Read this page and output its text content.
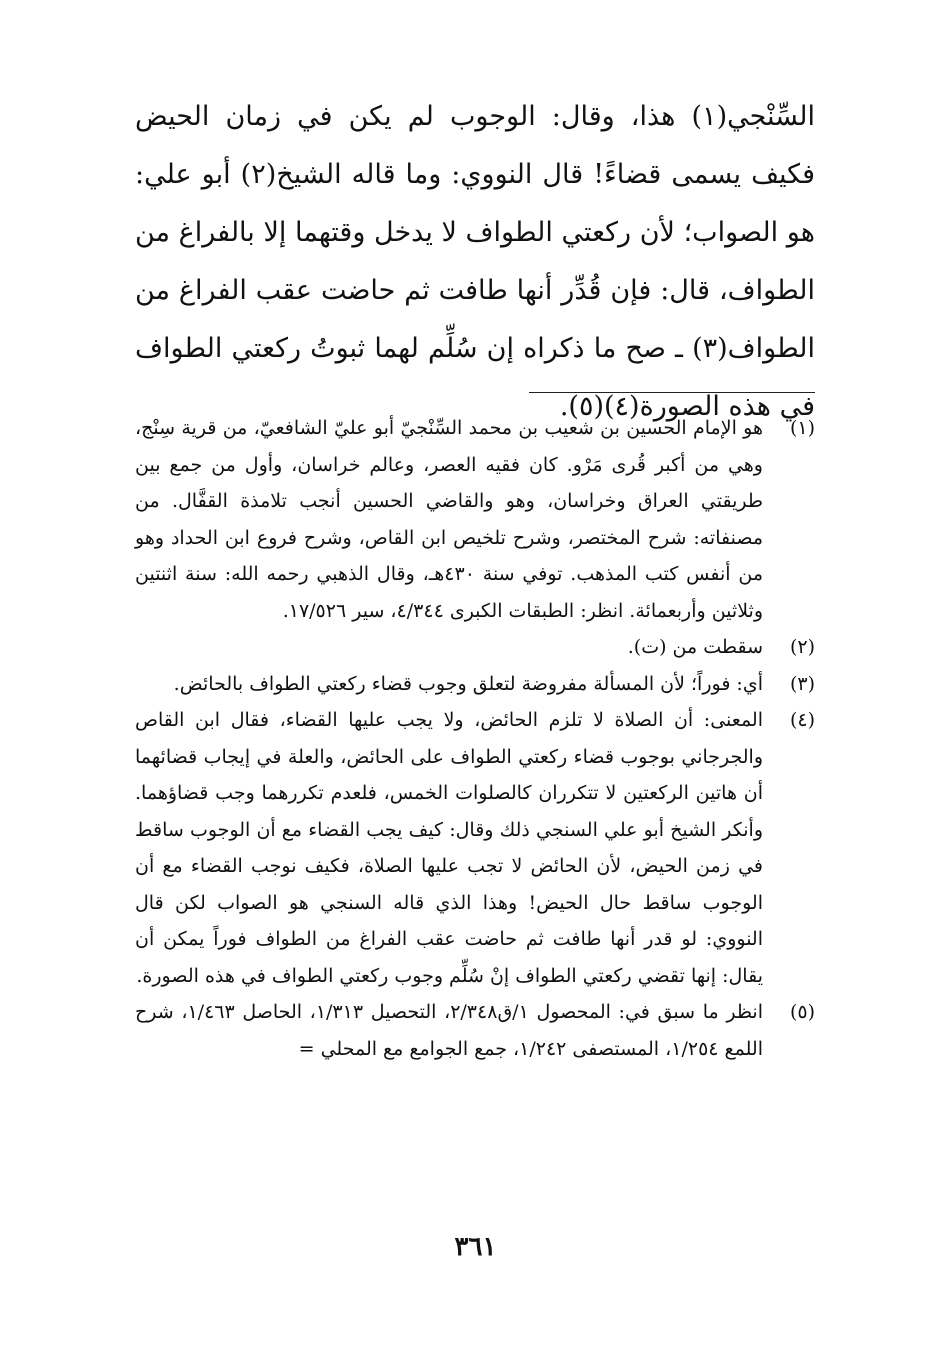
السِّنْجي(١) هذا، وقال: الوجوب لم يكن في زمان الحيض فكيف يسمى قضاءً! قال النووي: وما قاله الشيخ(٢) أبو علي: هو الصواب؛ لأن ركعتي الطواف لا يدخل وقتهما إلا بالفراغ من الطواف، قال: فإن قُدِّر أنها طافت ثم حاضت عقب الفراغ من الطواف(٣) ـ صح ما ذكراه إن سُلِّم لهما ثبوتُ ركعتي الطواف في هذه الصورة(٤)(٥).

(١)
هو الإمام الحسين بن شعيب بن محمد السِّنْجيّ أبو عليّ الشافعيّ، من قرية سِنْج، وهي من أكبر قُرى مَرْو. كان فقيه العصر، وعالم خراسان، وأول من جمع بين طريقتي العراق وخراسان، وهو والقاضي الحسين أنجب تلامذة القفَّال. من مصنفاته: شرح المختصر، وشرح تلخيص ابن القاص، وشرح فروع ابن الحداد وهو من أنفس كتب المذهب. توفي سنة ٤٣٠هـ، وقال الذهبي رحمه الله: سنة اثنتين وثلاثين وأربعمائة. انظر: الطبقات الكبرى ٤/٣٤٤، سير ١٧/٥٢٦.
(٢)
سقطت من (ت).
(٣)
أي: فوراً؛ لأن المسألة مفروضة لتعلق وجوب قضاء ركعتي الطواف بالحائض.
(٤)
المعنى: أن الصلاة لا تلزم الحائض، ولا يجب عليها القضاء، فقال ابن القاص والجرجاني بوجوب قضاء ركعتي الطواف على الحائض، والعلة في إيجاب قضائهما أن هاتين الركعتين لا تتكرران كالصلوات الخمس، فلعدم تكررهما وجب قضاؤهما. وأنكر الشيخ أبو علي السنجي ذلك وقال: كيف يجب القضاء مع أن الوجوب ساقط في زمن الحيض، لأن الحائض لا تجب عليها الصلاة، فكيف نوجب القضاء مع أن الوجوب ساقط حال الحيض! وهذا الذي قاله السنجي هو الصواب لكن قال النووي: لو قدر أنها طافت ثم حاضت عقب الفراغ من الطواف فوراً يمكن أن يقال: إنها تقضي ركعتي الطواف إنْ سُلِّم وجوب ركعتي الطواف في هذه الصورة.
(٥)
انظر ما سبق في: المحصول ١/ق٢/٣٤٨، التحصيل ١/٣١٣، الحاصل ١/٤٦٣، شرح اللمع ١/٢٥٤، المستصفى ١/٢٤٢، جمع الجوامع مع المحلي =
٣٦١
